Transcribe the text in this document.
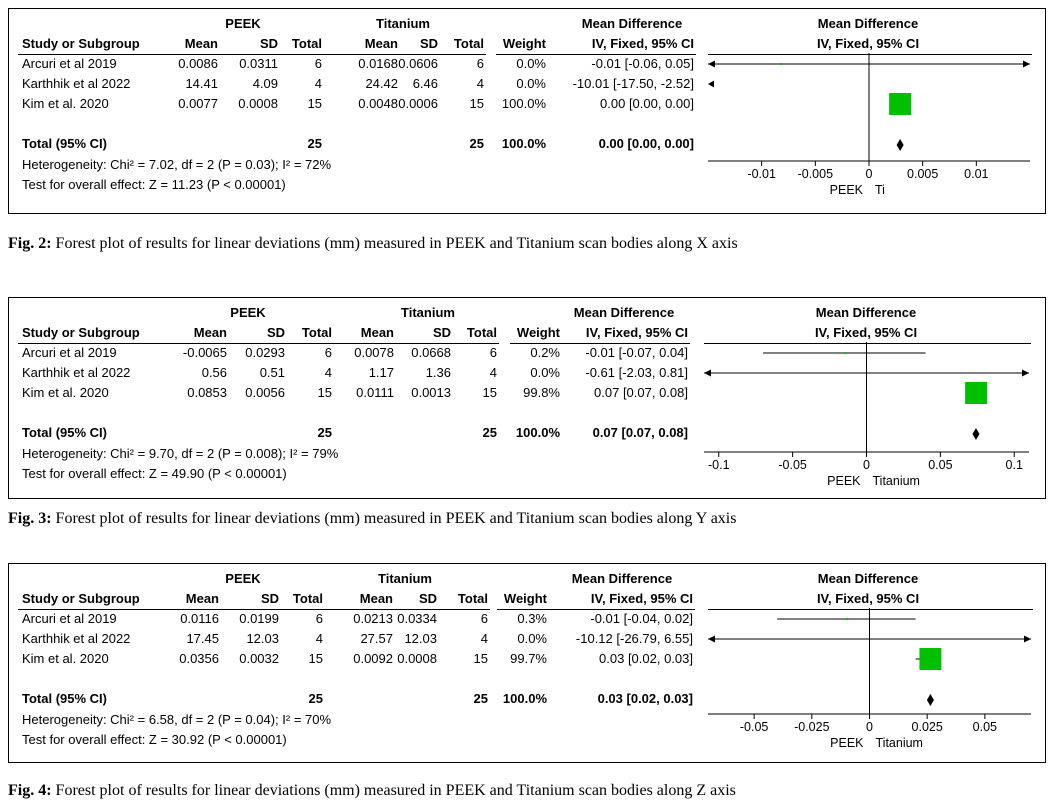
PEEK	Titanium	Mean Difference	Mean Difference
Study or Subgroup	Mean	SD	Total	Mean	SD	Total	Weight	IV, Fixed, 95% CI	IV, Fixed, 95% CI
Arcuri et al 2019	0.0086	0.0311	6	0.0168 0.0606	6	0.0%	-0.01 [-0.06, 0.05]
Karthhik et al 2022	14.41	4.09	4	24.42	6.46	4	0.0%	-10.01 [-17.50, -2.52]
Kim et al. 2020	0.0077	0.0008	15	0.0048 0.0006	15	100.0%	0.00 [0.00, 0.00]
Total (95% CI)	25	25	100.0%	0.00 [0.00, 0.00]
Heterogeneity: Chi² = 7.02, df = 2 (P = 0.03); I² = 72%
Test for overall effect: Z = 11.23 (P < 0.00001)
Fig. 2: Forest plot of results for linear deviations (mm) measured in PEEK and Titanium scan bodies along X axis
-0.01 -0.005	0	0.005 0.01
PEEK Ti
PEEK	Titanium	Mean Difference	Mean Difference
Study or Subgroup	Mean	SD	Total	Mean	SD	Total	Weight	IV, Fixed, 95% CI	IV, Fixed, 95% CI
Arcuri et al 2019	-0.0065	0.0293	6	0.0078	0.0668	6	0.2%	-0.01 [-0.07, 0.04]
Karthhik et al 2022	0.56	0.51	4	1.17	1.36	4	0.0%	-0.61 [-2.03, 0.81]
Kim et al. 2020	0.0853	0.0056	15	0.0111	0.0013	15	99.8%	0.07 [0.07, 0.08]
Total (95% CI)	25	25	100.0%	0.07 [0.07, 0.08]
Heterogeneity: Chi² = 9.70, df = 2 (P = 0.008); I² = 79%
Test for overall effect: Z = 49.90 (P < 0.00001)
Fig. 3: Forest plot of results for linear deviations (mm) measured in PEEK and Titanium scan bodies along Y axis
-0.1	-0.05	0	0.05	0.1
PEEK Titanium
PEEK	Titanium	Mean Difference	Mean Difference
Study or Subgroup	Mean	SD	Total	Mean	SD	Total	Weight	IV, Fixed, 95% CI	IV, Fixed, 95% CI
Arcuri et al 2019	0.0116	0.0199	6	0.0213 0.0334	6	0.3%	-0.01 [-0.04, 0.02]
Karthhik et al 2022	17.45	12.03	4	27.57 12.03	4	0.0%	-10.12 [-26.79, 6.55]
Kim et al. 2020	0.0356	0.0032	15	0.0092 0.0008	15	99.7%	0.03 [0.02, 0.03]
Total (95% CI)	25	25	100.0%	0.03 [0.02, 0.03]
Heterogeneity: Chi² = 6.58, df = 2 (P = 0.04); I² = 70%
Test for overall effect: Z = 30.92 (P < 0.00001)
Fig. 4: Forest plot of results for linear deviations (mm) measured in PEEK and Titanium scan bodies along Z axis
-0.05 -0.025	0	0.025 0.05
PEEK Titanium
